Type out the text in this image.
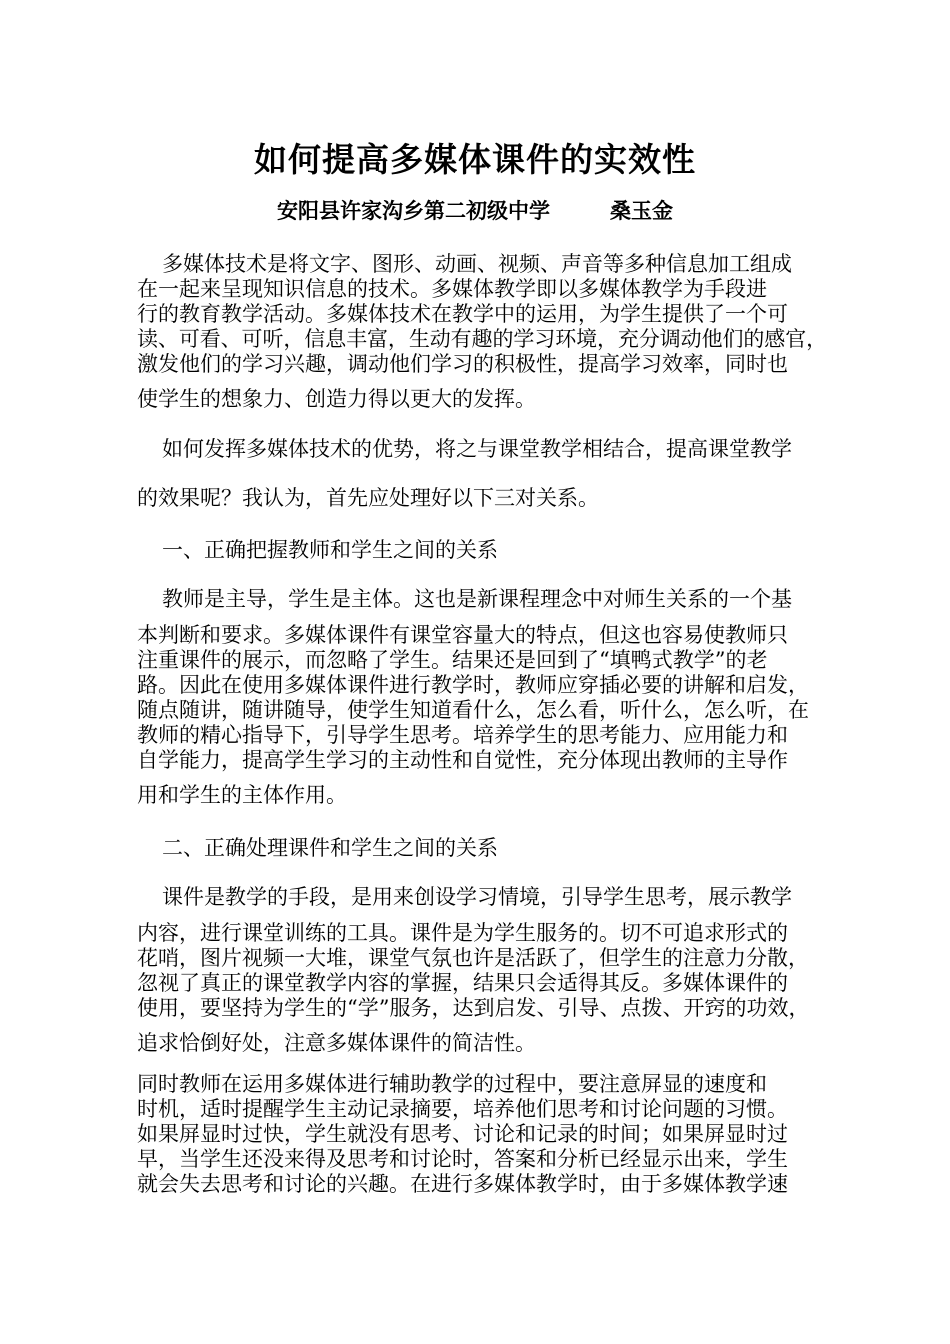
如何提高多媒体课件的实效性
安阳县许家沟乡第二初级中学	桑玉金
多媒体技术是将文字、图形、动画、视频、声音等多种信息加工组成
在一起来呈现知识信息的技术。多媒体教学即以多媒体教学为手段进
行的教育教学活动。多媒体技术在教学中的运用，为学生提供了一个可
读、可看、可听，信息丰富，生动有趣的学习环境，充分调动他们的感官，
激发他们的学习兴趣，调动他们学习的积极性，提高学习效率，同时也
使学生的想象力、创造力得以更大的发挥。
如何发挥多媒体技术的优势，将之与课堂教学相结合，提高课堂教学
的效果呢？我认为，首先应处理好以下三对关系。
一、正确把握教师和学生之间的关系
教师是主导，学生是主体。这也是新课程理念中对师生关系的一个基
本判断和要求。多媒体课件有课堂容量大的特点，但这也容易使教师只
注重课件的展示，而忽略了学生。结果还是回到了“填鸭式教学”的老
路。因此在使用多媒体课件进行教学时，教师应穿插必要的讲解和启发，
随点随讲，随讲随导，使学生知道看什么，怎么看，听什么，怎么听，在
教师的精心指导下，引导学生思考。培养学生的思考能力、应用能力和
自学能力，提高学生学习的主动性和自觉性，充分体现出教师的主导作
用和学生的主体作用。
二、正确处理课件和学生之间的关系
课件是教学的手段，是用来创设学习情境，引导学生思考，展示教学
内容，进行课堂训练的工具。课件是为学生服务的。切不可追求形式的
花哨，图片视频一大堆，课堂气氛也许是活跃了，但学生的注意力分散，
忽视了真正的课堂教学内容的掌握，结果只会适得其反。多媒体课件的
使用，要坚持为学生的“学”服务，达到启发、引导、点拨、开窍的功效，
追求恰倒好处，注意多媒体课件的简洁性。
同时教师在运用多媒体进行辅助教学的过程中，要注意屏显的速度和
时机，适时提醒学生主动记录摘要，培养他们思考和讨论问题的习惯。
如果屏显时过快，学生就没有思考、讨论和记录的时间；如果屏显时过
早，当学生还没来得及思考和讨论时，答案和分析已经显示出来，学生
就会失去思考和讨论的兴趣。在进行多媒体教学时，由于多媒体教学速
